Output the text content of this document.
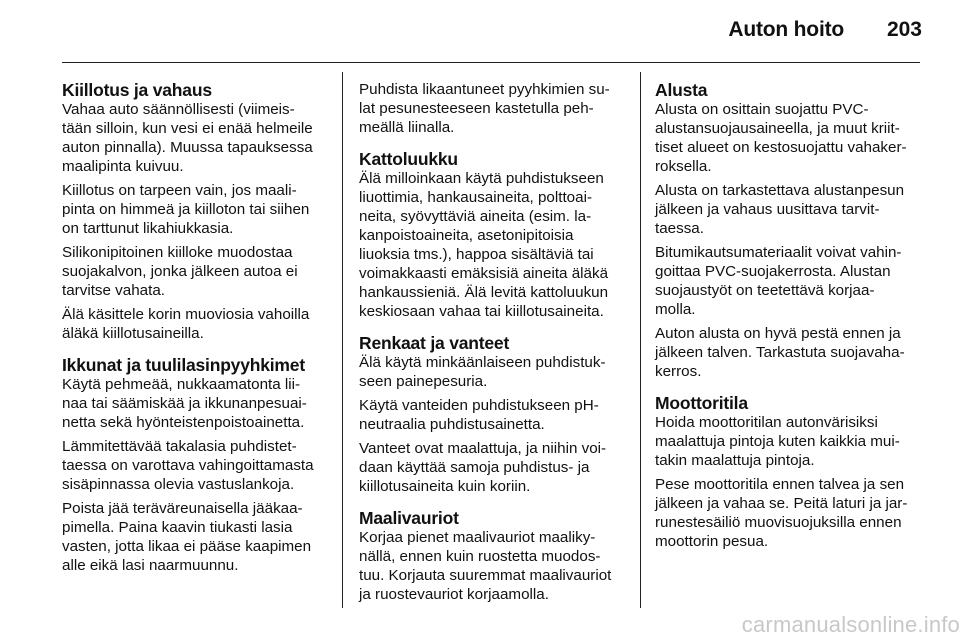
Auton hoito 203
Kiillotus ja vahaus

Vahaa auto säännöllisesti (viimeis-
tään silloin, kun vesi ei enää helmeile
auton pinnalla). Muussa tapauksessa
maalipinta kuivuu.

Kiillotus on tarpeen vain, jos maali-
pinta on himmeä ja kiilloton tai siihen
on tarttunut likahiukkasia.

Silikonipitoinen kiilloke muodostaa
suojakalvon, jonka jälkeen autoa ei
tarvitse vahata.

Älä käsittele korin muoviosia vahoilla
äläkä kiillotusaineilla.

Ikkunat ja tuulilasinpyyhkimet

Käytä pehmeää, nukkaamatonta lii-
naa tai säämiskää ja ikkunanpesuai-
netta sekä hyönteistenpoistoainetta.

Lämmitettävää takalasia puhdistet-
taessa on varottava vahingoittamasta
sisäpinnassa olevia vastuslankoja.

Poista jää teräväreunaisella jääkaa-
pimella. Paina kaavin tiukasti lasia
vasten, jotta likaa ei pääse kaapimen
alle eikä lasi naarmuunnu.

Puhdista likaantuneet pyyhkimien su-
lat pesunesteeseen kastetulla peh-
meällä liinalla.

Kattoluukku

Älä milloinkaan käytä puhdistukseen
liuottimia, hankausaineita, polttoai-
neita, syövyttäviä aineita (esim. la-
kanpoistoaineita, asetonipitoisia
liuoksia tms.), happoa sisältäviä tai
voimakkaasti emäksisiä aineita äläkä
hankaussieniä. Älä levitä kattoluukun
keskiosaan vahaa tai kiillotusaineita.

Renkaat ja vanteet

Älä käytä minkäänlaiseen puhdistuk-
seen painepesuria.

Käytä vanteiden puhdistukseen pH-
neutraalia puhdistusainetta.

Vanteet ovat maalattuja, ja niihin voi-
daan käyttää samoja puhdistus- ja
kiillotusaineita kuin koriin.

Maalivauriot

Korjaa pienet maalivauriot maaliky-
nällä, ennen kuin ruostetta muodos-
tuu. Korjauta suuremmat maalivauriot
ja ruostevauriot korjaamolla.

Alusta

Alusta on osittain suojattu PVC-
alustansuojausaineella, ja muut kriit-
tiset alueet on kestosuojattu vahaker-
roksella.

Alusta on tarkastettava alustanpesun
jälkeen ja vahaus uusittava tarvit-
taessa.

Bitumikautsumateriaalit voivat vahin-
goittaa PVC-suojakerrosta. Alustan
suojaustyöt on teetettävä korjaa-
molla.

Auton alusta on hyvä pestä ennen ja
jälkeen talven. Tarkastuta suojavaha-
kerros.

Moottoritila

Hoida moottoritilan autonvärisiksi
maalattuja pintoja kuten kaikkia mui-
takin maalattuja pintoja.

Pese moottoritila ennen talvea ja sen
jälkeen ja vahaa se. Peitä laturi ja jar-
runestesäiliö muovisuojuksilla ennen
moottorin pesua.

carmanualsonline.info
